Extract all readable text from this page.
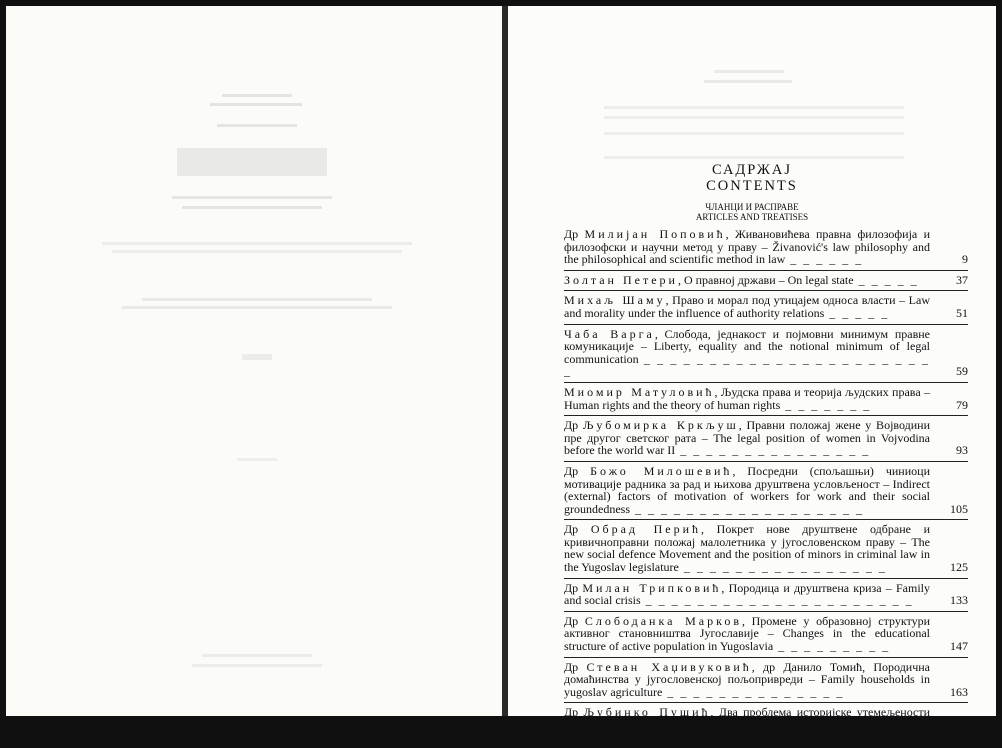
САДРЖАЈ
CONTENTS
ЧЛАНЦИ И РАСПРАВЕ
ARTICLES AND TREATISES
Др Милијан Поповић, Живановићева правна филозофија и филозофски и научни метод у праву – Živanović's law philosophy and the philosophical and scientific method in law _ _ _ _ _ _	9
Золтан Петери, О правној држави – On legal state _ _ _ _ _	37
Михаљ Шаму, Право и морал под утицајем односа власти – Law and morality under the influence of authority relations _ _ _ _ _	51
Чаба Варга, Слобода, једнакост и појмовни минимум правне комуникације – Liberty, equality and the notional minimum of legal communication _ _ _ _ _ _ _ _ _ _ _ _ _ _ _ _ _ _ _ _ _ _ _	59
Миомир Матуловић, Људска права и теорија људских права – Human rights and the theory of human rights _ _ _ _ _ _ _	79
Др Љубомирка Кркљуш, Правни положај жене у Војводини пре другог светског рата – The legal position of women in Vojvodina before the world war II _ _ _ _ _ _ _ _ _ _ _ _ _ _ _	93
Др Божо Милошевић, Посредни (спољашњи) чиниоци мотивације радника за рад и њихова друштвена условљеност – Indirect (external) factors of motivation of workers for work and their social groundedness _ _ _ _ _ _ _ _ _ _ _ _ _ _ _ _ _ _	105
Др Обрад Перић, Покрет нове друштвене одбране и кривичноправни положај малолетника у југословенском праву – The new social defence Movement and the position of minors in criminal law in the Yugoslav legislature _ _ _ _ _ _ _ _ _ _ _ _ _ _ _ _	125
Др Милан Трипковић, Породица и друштвена криза – Family and social crisis _ _ _ _ _ _ _ _ _ _ _ _ _ _ _ _ _ _ _ _ _	133
Др Слободанка Марков, Промене у образовној структури активног становништва Југославије – Changes in the educational structure of active population in Yugoslavia _ _ _ _ _ _ _ _ _	147
Др Стеван Хаџивуковић, др Данило Томић, Породична домаћинства у југословенској пољопривреди – Family households in yugoslav agriculture _ _ _ _ _ _ _ _ _ _ _ _ _ _	163
Др Љубинко Пушић, Два проблема историјске утемељености урбанизма – Two problems of the historical groundedness of urbanism _ _ _ _ _ _ _ _ _ _ _ _ _ _ _ _ _ _ _ _ _ _ _	173
